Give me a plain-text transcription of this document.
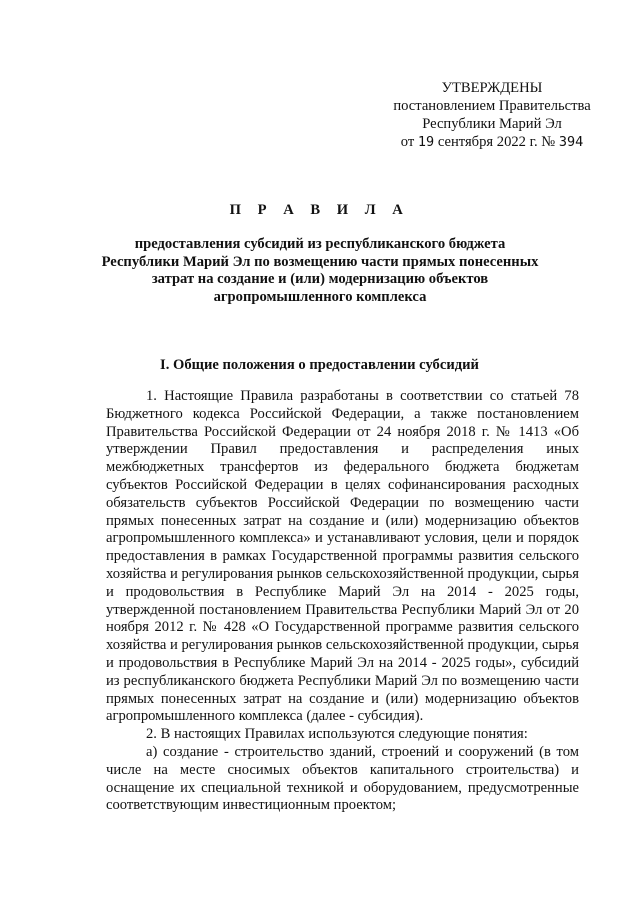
УТВЕРЖДЕНЫ
постановлением Правительства
Республики Марий Эл
от 19 сентября 2022 г. № 394
П Р А В И Л А
предоставления субсидий из республиканского бюджета Республики Марий Эл по возмещению части прямых понесенных затрат на создание и (или) модернизацию объектов агропромышленного комплекса
I. Общие положения о предоставлении субсидий

1. Настоящие Правила разработаны в соответствии со статьей 78 Бюджетного кодекса Российской Федерации, а также постановлением Правительства Российской Федерации от 24 ноября 2018 г. № 1413 «Об утверждении Правил предоставления и распределения иных межбюджетных трансфертов из федерального бюджета бюджетам субъектов Российской Федерации в целях софинансирования расходных обязательств субъектов Российской Федерации по возмещению части прямых понесенных затрат на создание и (или) модернизацию объектов агропромышленного комплекса» и устанавливают условия, цели и порядок предоставления в рамках Государственной программы развития сельского хозяйства и регулирования рынков сельскохозяйственной продукции, сырья и продовольствия в Республике Марий Эл на 2014 - 2025 годы, утвержденной постановлением Правительства Республики Марий Эл от 20 ноября 2012 г. № 428 «О Государственной программе развития сельского хозяйства и регулирования рынков сельскохозяйственной продукции, сырья и продовольствия в Республике Марий Эл на 2014 - 2025 годы», субсидий из республиканского бюджета Республики Марий Эл по возмещению части прямых понесенных затрат на создание и (или) модернизацию объектов агропромышленного комплекса (далее - субсидия).

2. В настоящих Правилах используются следующие понятия:

а) создание - строительство зданий, строений и сооружений (в том числе на месте сносимых объектов капитального строительства) и оснащение их специальной техникой и оборудованием, предусмотренные соответствующим инвестиционным проектом;
